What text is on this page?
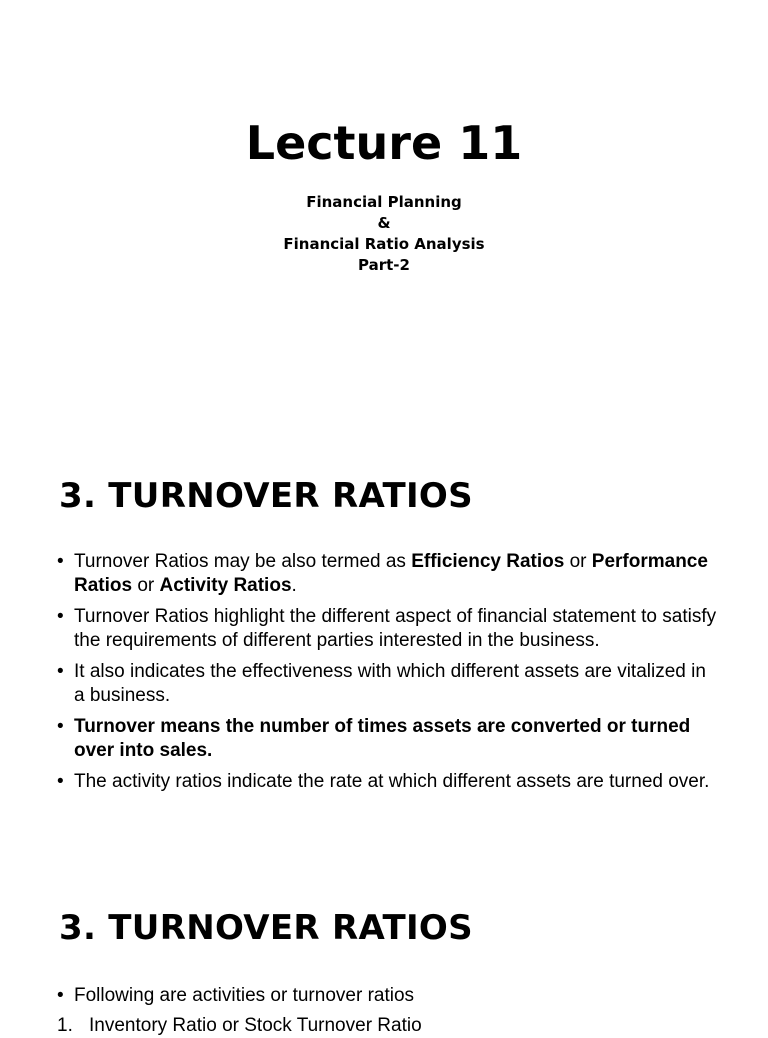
Lecture 11
Financial Planning
&
Financial Ratio Analysis
Part-2
3. TURNOVER RATIOS
• Turnover Ratios may be also termed as Efficiency Ratios or Performance Ratios or Activity Ratios.
• Turnover Ratios highlight the different aspect of financial statement to satisfy the requirements of different parties interested in the business.
• It also indicates the effectiveness with which different assets are vitalized in a business.
• Turnover means the number of times assets are converted or turned over into sales.
• The activity ratios indicate the rate at which different assets are turned over.
3. TURNOVER RATIOS
• Following are activities or turnover ratios
1. Inventory Ratio or Stock Turnover Ratio
